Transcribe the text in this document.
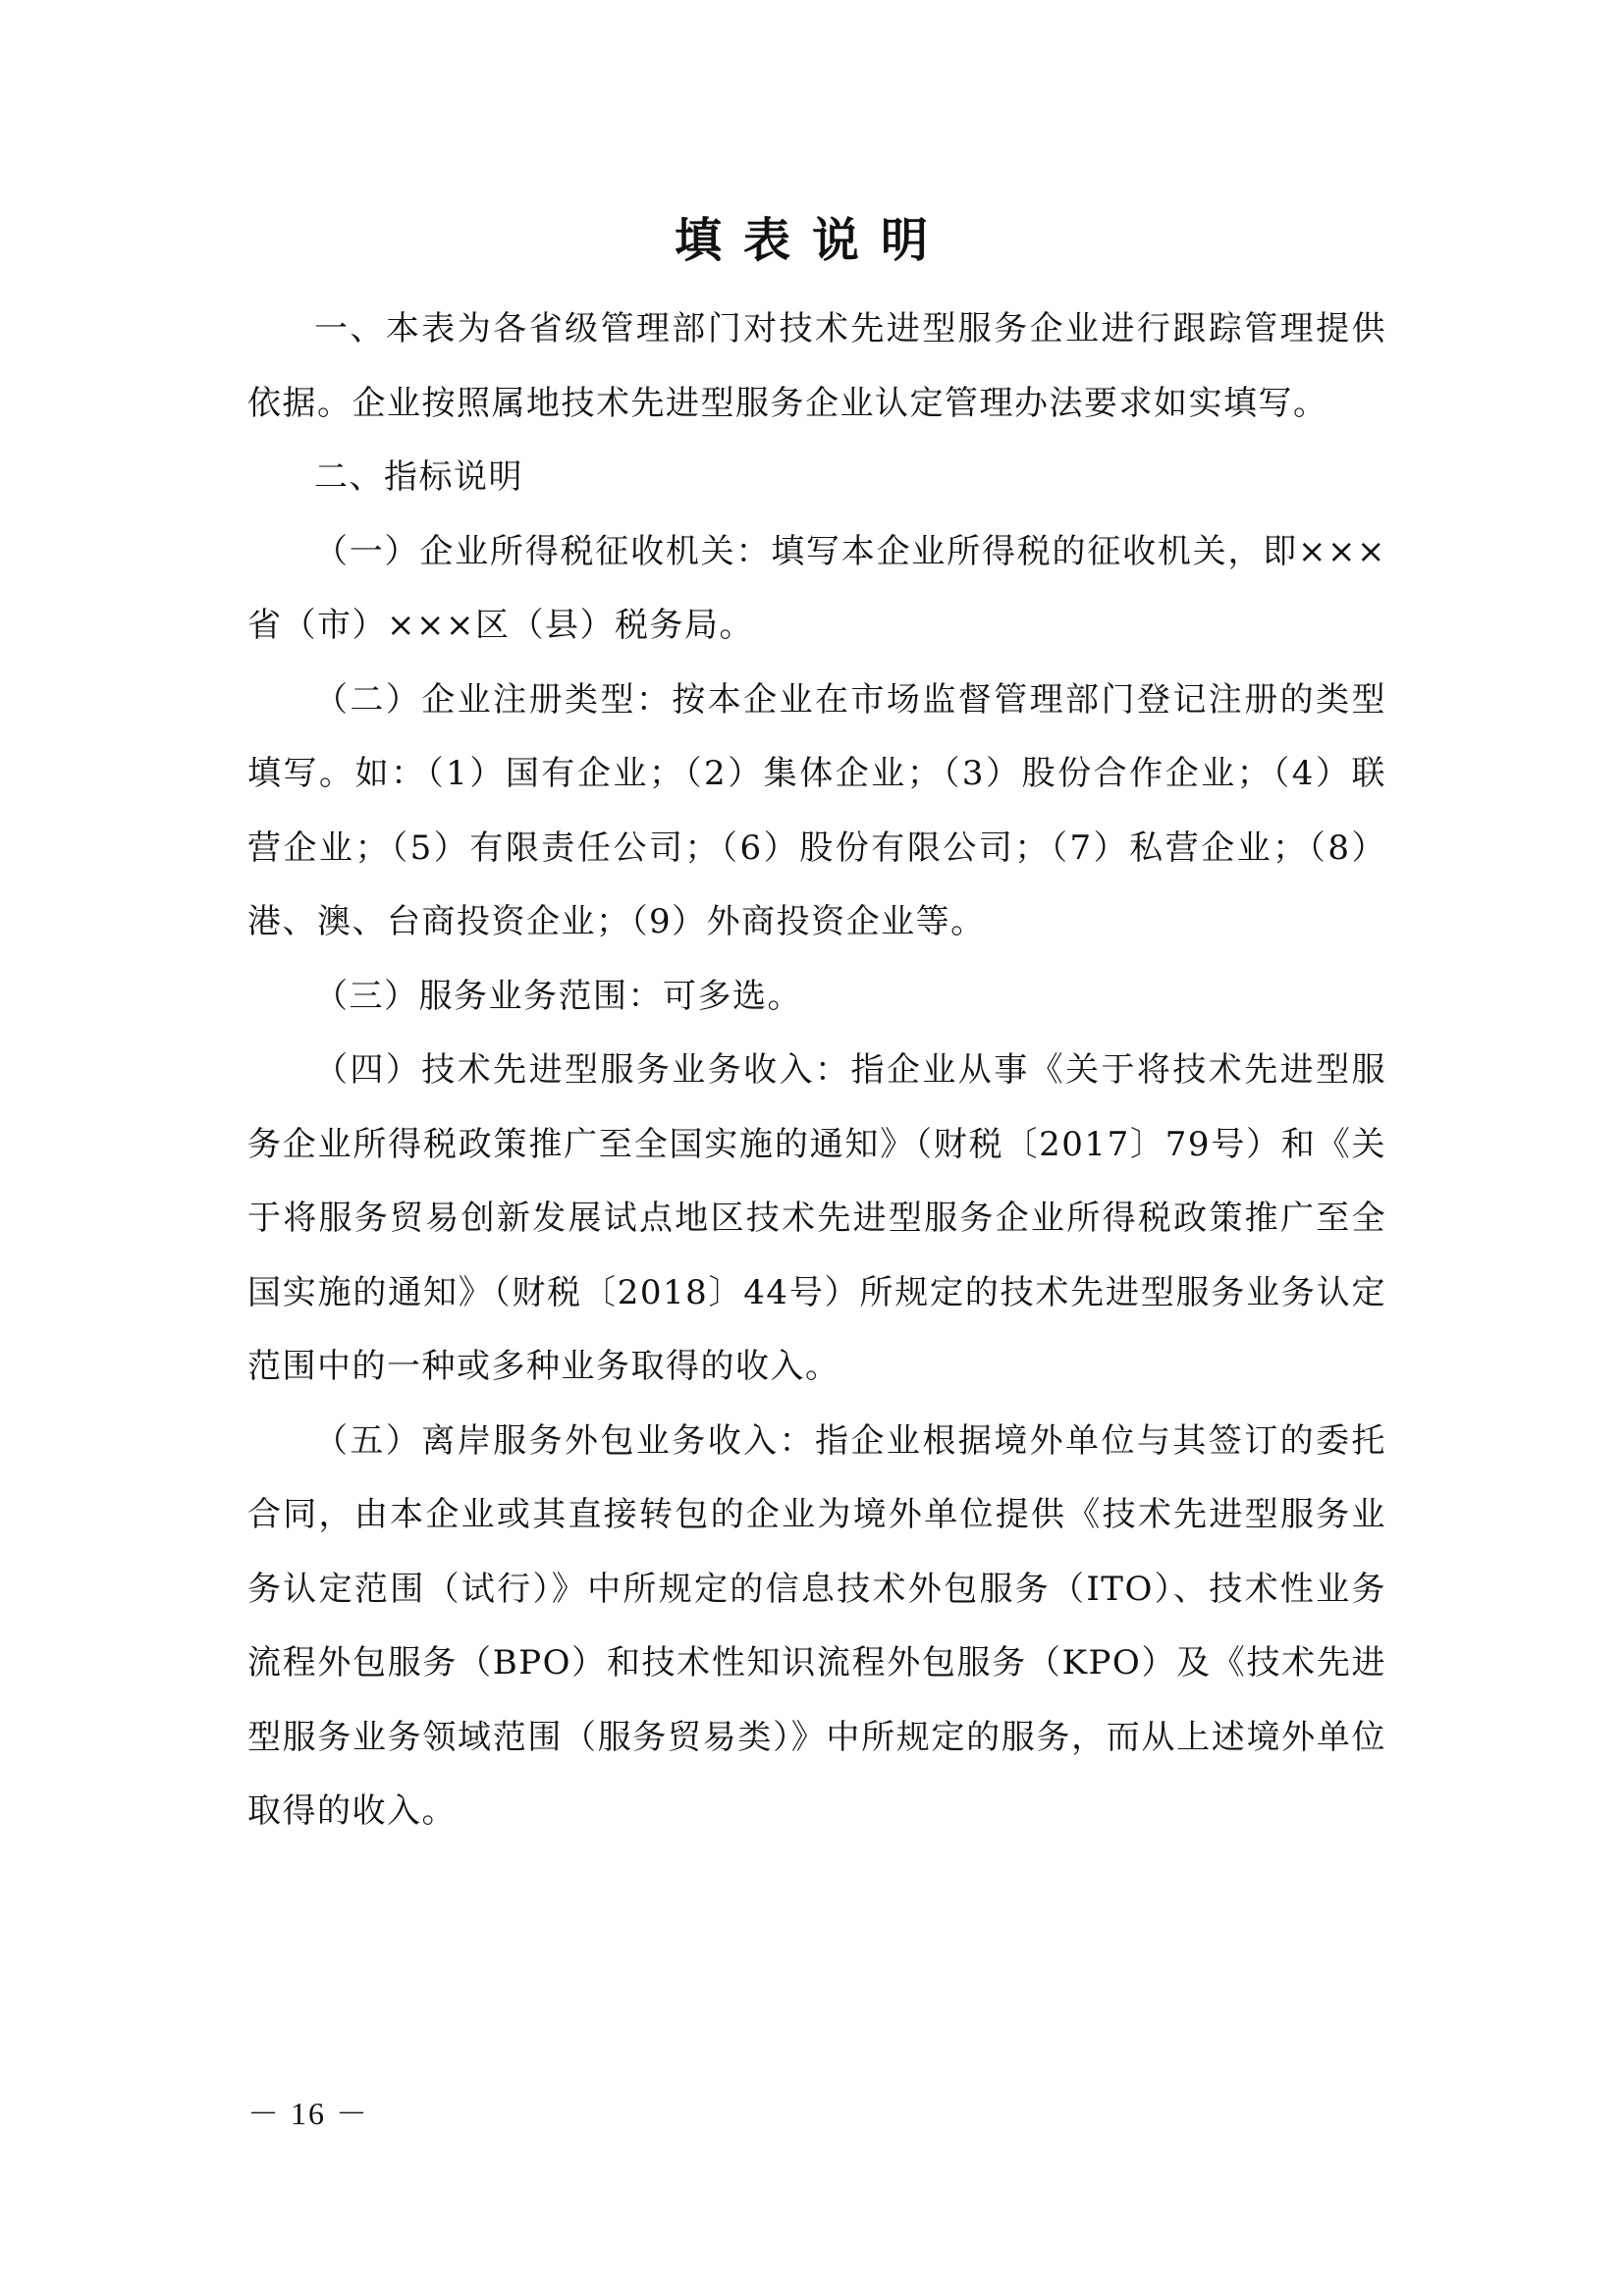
填表说明

一、本表为各省级管理部门对技术先进型服务企业进行跟踪管理提供依据。企业按照属地技术先进型服务企业认定管理办法要求如实填写。

二、指标说明

（一）企业所得税征收机关：填写本企业所得税的征收机关，即×××省（市）×××区（县）税务局。

（二）企业注册类型：按本企业在市场监督管理部门登记注册的类型填写。如：（1）国有企业；（2）集体企业；（3）股份合作企业；（4）联营企业；（5）有限责任公司；（6）股份有限公司；（7）私营企业；（8）港、澳、台商投资企业；（9）外商投资企业等。

（三）服务业务范围：可多选。

（四）技术先进型服务业务收入：指企业从事《关于将技术先进型服务企业所得税政策推广至全国实施的通知》（财税〔2017〕79号）和《关于将服务贸易创新发展试点地区技术先进型服务企业所得税政策推广至全国实施的通知》（财税〔2018〕44号）所规定的技术先进型服务业务认定范围中的一种或多种业务取得的收入。

（五）离岸服务外包业务收入：指企业根据境外单位与其签订的委托合同，由本企业或其直接转包的企业为境外单位提供《技术先进型服务业务认定范围（试行）》中所规定的信息技术外包服务（ITO）、技术性业务流程外包服务（BPO）和技术性知识流程外包服务（KPO）及《技术先进型服务业务领域范围（服务贸易类）》中所规定的服务，而从上述境外单位取得的收入。

－ 16 －
